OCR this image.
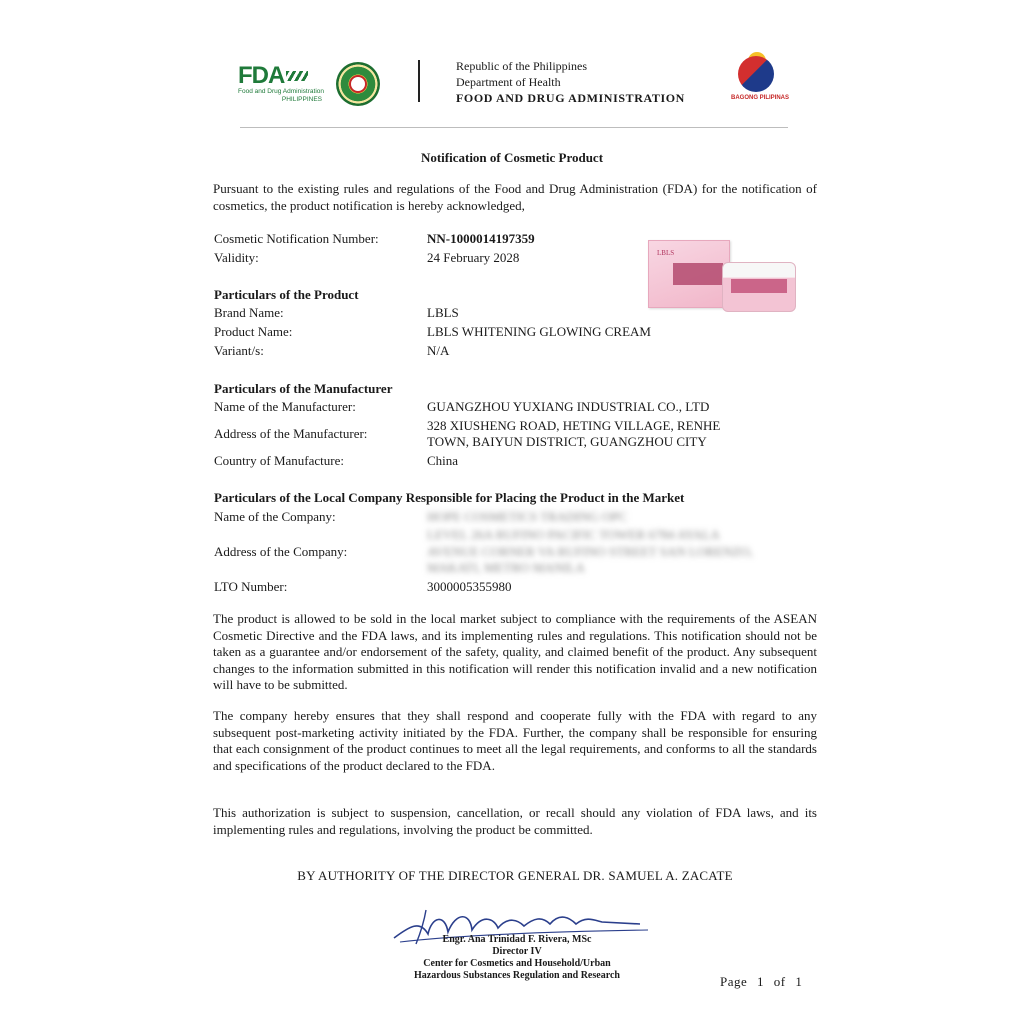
FDA
Food and Drug Administration
PHILIPPINES
Republic of the Philippines
Department of Health
FOOD AND DRUG ADMINISTRATION	BAGONG PILIPINAS
Notification of Cosmetic Product
Pursuant to the existing rules and regulations of the Food and Drug Administration (FDA) for the notification of cosmetics, the product notification is hereby acknowledged,
Cosmetic Notification Number:	NN-1000014197359
Validity:	24 February 2028	LBLS
Particulars of the Product
Brand Name:	LBLS
Product Name:	LBLS WHITENING GLOWING CREAM
Variant/s:	N/A
Particulars of the Manufacturer
Name of the Manufacturer:	GUANGZHOU YUXIANG INDUSTRIAL CO., LTD
Address of the Manufacturer:
328 XIUSHENG ROAD, HETING VILLAGE, RENHE
TOWN, BAIYUN DISTRICT, GUANGZHOU CITY
Country of Manufacture:	China
Particulars of the Local Company Responsible for Placing the Product in the Market
Name of the Company:	HOPE COSMETICS TRADING OPC
Address of the Company:
LEVEL 26A RUFINO PACIFIC TOWER 6784 AYALA
AVENUE CORNER VA RUFINO STREET SAN LORENZO,
MAKATI, METRO MANILA
LTO Number:	3000005355980
The product is allowed to be sold in the local market subject to compliance with the requirements of the ASEAN Cosmetic Directive and the FDA laws, and its implementing rules and regulations. This notification should not be taken as a guarantee and/or endorsement of the safety, quality, and claimed benefit of the product. Any subsequent changes to the information submitted in this notification will render this notification invalid and a new notification will have to be submitted.
The company hereby ensures that they shall respond and cooperate fully with the FDA with regard to any subsequent post-marketing activity initiated by the FDA. Further, the company shall be responsible for ensuring that each consignment of the product continues to meet all the legal requirements, and conforms to all the standards and specifications of the product declared to the FDA.
This authorization is subject to suspension, cancellation, or recall should any violation of FDA laws, and its implementing rules and regulations, involving the product be committed.
BY AUTHORITY OF THE DIRECTOR GENERAL DR. SAMUEL A. ZACATE
Engr. Ana Trinidad F. Rivera, MSc
Director IV
Center for Cosmetics and Household/Urban
Hazardous Substances Regulation and Research	Page 1 of 1
